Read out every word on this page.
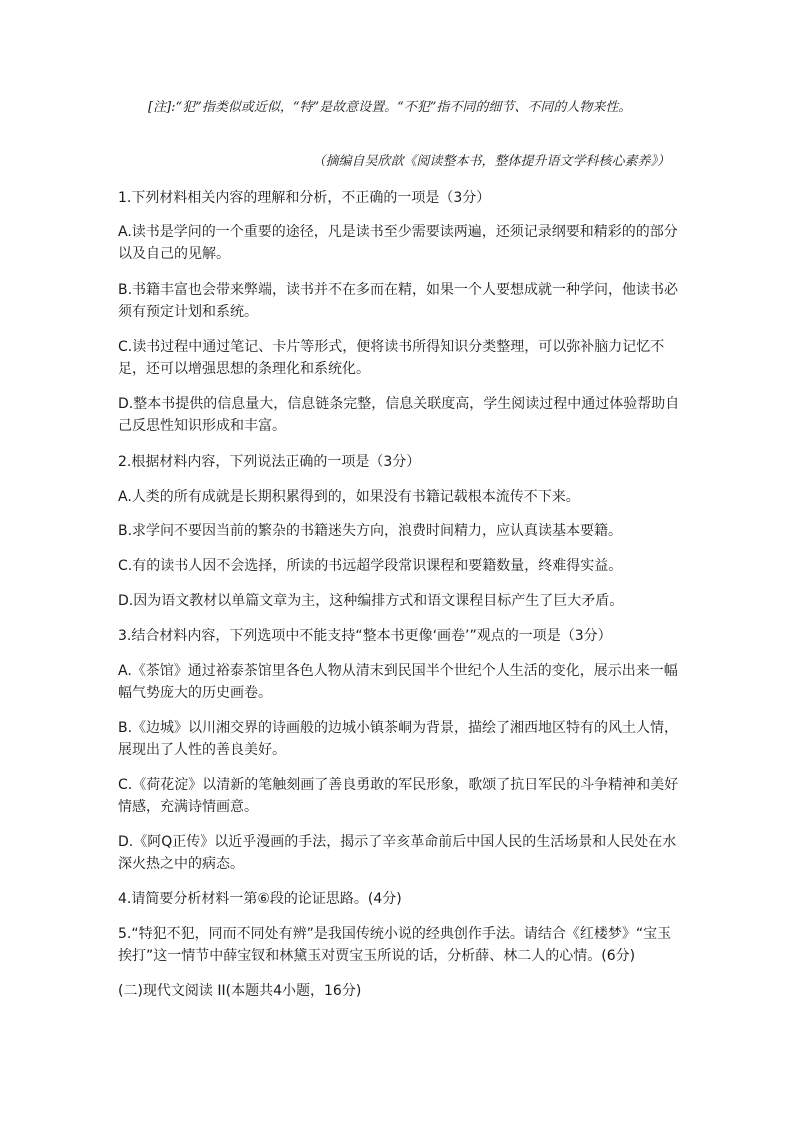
[注]:“犯”指类似或近似，“特”是故意设置。“不犯”指不同的细节、不同的人物来性。
（摘编自吴欣歆《阅读整本书，整体提升语文学科核心素养》）
1.下列材料相关内容的理解和分析，不正确的一项是（3分）
A.读书是学问的一个重要的途径，凡是读书至少需要读两遍，还须记录纲要和精彩的的部分以及自己的见解。
B.书籍丰富也会带来弊端，读书并不在多而在精，如果一个人要想成就一种学问，他读书必须有预定计划和系统。
C.读书过程中通过笔记、卡片等形式，便将读书所得知识分类整理，可以弥补脑力记忆不足，还可以增强思想的条理化和系统化。
D.整本书提供的信息量大，信息链条完整，信息关联度高，学生阅读过程中通过体验帮助自己反思性知识形成和丰富。
2.根据材料内容，下列说法正确的一项是（3分）
A.人类的所有成就是长期积累得到的，如果没有书籍记载根本流传不下来。
B.求学问不要因当前的繁杂的书籍迷失方向，浪费时间精力，应认真读基本要籍。
C.有的读书人因不会选择，所读的书远超学段常识课程和要籍数量，终难得实益。
D.因为语文教材以单篇文章为主，这种编排方式和语文课程目标产生了巨大矛盾。
3.结合材料内容，下列选项中不能支持“整本书更像‘画卷’”观点的一项是（3分）
A.《茶馆》通过裕泰茶馆里各色人物从清末到民国半个世纪个人生活的变化，展示出来一幅幅气势庞大的历史画卷。
B.《边城》以川湘交界的诗画般的边城小镇茶峒为背景，描绘了湘西地区特有的风土人情，展现出了人性的善良美好。
C.《荷花淀》以清新的笔触刻画了善良勇敢的军民形象，歌颂了抗日军民的斗争精神和美好情感，充满诗情画意。
D.《阿Q正传》以近乎漫画的手法，揭示了辛亥革命前后中国人民的生活场景和人民处在水深火热之中的病态。
4.请简要分析材料一第⑥段的论证思路。(4分)
5.“特犯不犯，同而不同处有辨”是我国传统小说的经典创作手法。请结合《红楼梦》“宝玉挨打”这一情节中薛宝钗和林黛玉对贾宝玉所说的话，分析薛、林二人的心情。(6分)
(二)现代文阅读 II(本题共4小题，16分)
